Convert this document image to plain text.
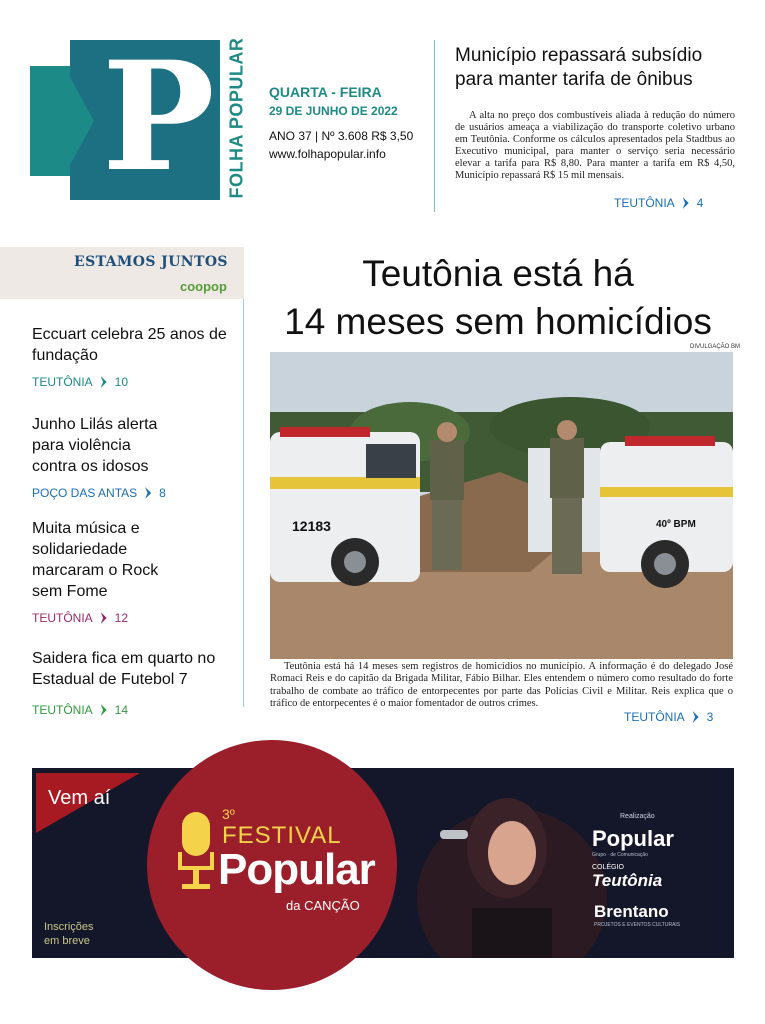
P FOLHA POPULAR QUARTA - FEIRA
29 DE JUNHO DE 2022
ANO 37 | Nº 3.608 R$ 3,50
www.folhapopular.info
Município repassará subsídio para manter tarifa de ônibus
A alta no preço dos combustíveis aliada à redução do número de usuários ameaça a viabilização do transporte coletivo urbano em Teutônia. Conforme os cálculos apresentados pela Stadtbus ao Executivo municipal, para manter o serviço seria necessário elevar a tarifa para R$ 8,80. Para manter a tarifa em R$ 4,50, Município repassará R$ 15 mil mensais.
TEUTÔNIA 4
ESTAMOS JUNTOS
coopop
Eccuart celebra 25 anos de fundação
TEUTÔNIA 10
Junho Lilás alerta para violência contra os idosos
POÇO DAS ANTAS 8
Muita música e solidariedade marcaram o Rock sem Fome
TEUTÔNIA 12
Saidera fica em quarto no Estadual de Futebol 7
TEUTÔNIA 14
Teutônia está há
14 meses sem homicídios
DIVULGAÇÃO BM
12183	40º BPM
Teutônia está há 14 meses sem registros de homicídios no município. A informação é do delegado José Romaci Reis e do capitão da Brigada Militar, Fábio Bilhar. Eles entendem o número como resultado do forte trabalho de combate ao tráfico de entorpecentes por parte das Polícias Civil e Militar. Reis explica que o tráfico de entorpecentes é o maior fomentador de outros crimes.
TEUTÔNIA 3
Vem aí
Inscrições
em breve
3º
FESTIVAL
Popular
da CANÇÃO
Realização
Popular
Grupo · de Comunicação
COLÉGIO
Teutônia
Brentano
PROJETOS E EVENTOS CULTURAIS
